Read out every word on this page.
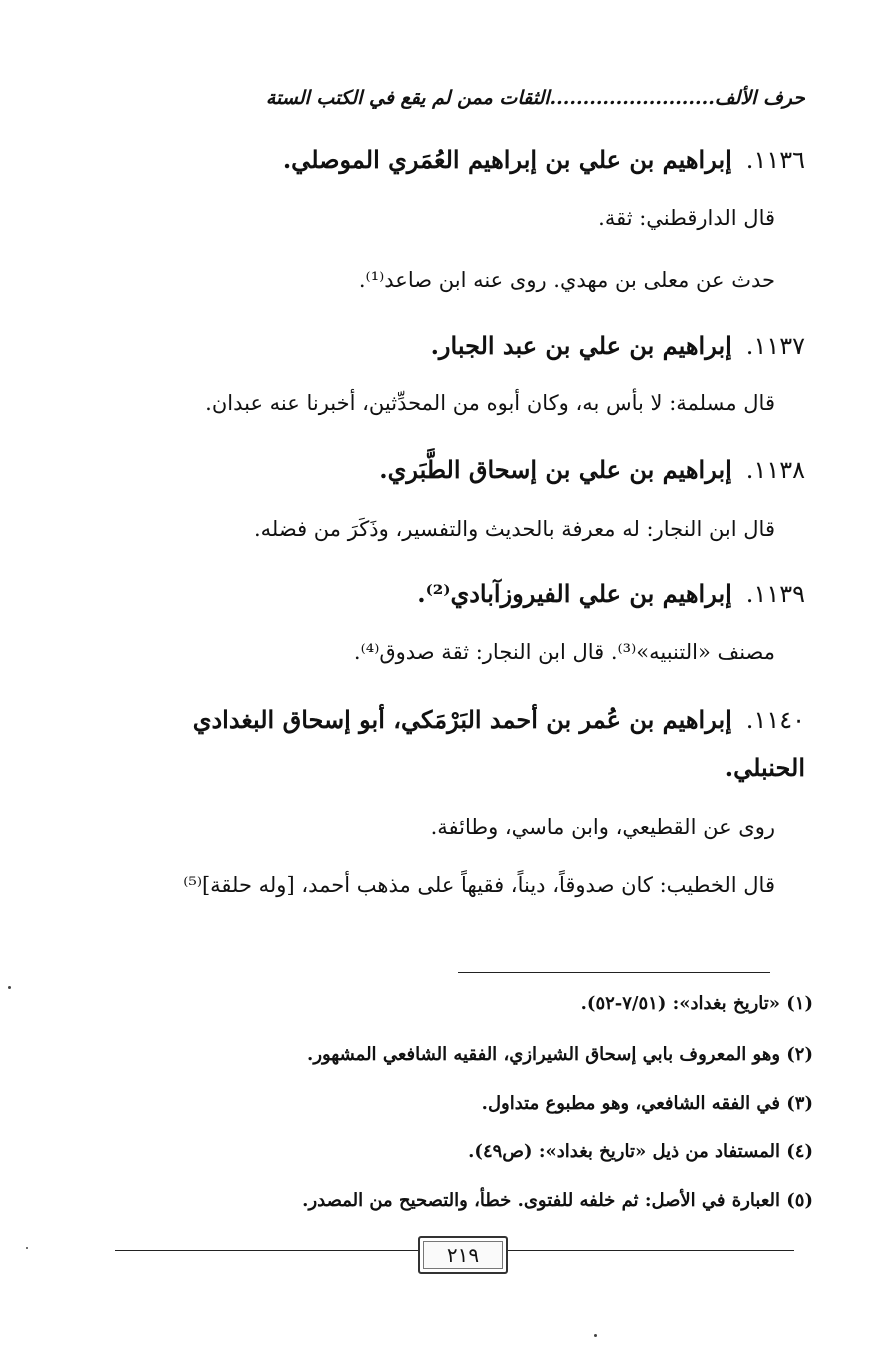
حرف الألف.........................الثقات ممن لم يقع في الكتب الستة
١١٣٦.إبراهيم بن علي بن إبراهيم العُمَري الموصلي.
قال الدارقطني: ثقة.
حدث عن معلى بن مهدي. روى عنه ابن صاعد⁽¹⁾.
١١٣٧.إبراهيم بن علي بن عبد الجبار.
قال مسلمة: لا بأس به، وكان أبوه من المحدِّثين، أخبرنا عنه عبدان.
١١٣٨.إبراهيم بن علي بن إسحاق الطَّبَري.
قال ابن النجار: له معرفة بالحديث والتفسير، وذَكَرَ من فضله.
١١٣٩.إبراهيم بن علي الفيروزآبادي⁽²⁾.
مصنف «التنبيه»⁽³⁾. قال ابن النجار: ثقة صدوق⁽⁴⁾.
١١٤٠.إبراهيم بن عُمر بن أحمد البَرْمَكي، أبو إسحاق البغدادي الحنبلي.
روى عن القطيعي، وابن ماسي، وطائفة.
قال الخطيب: كان صدوقاً، ديناً، فقيهاً على مذهب أحمد، [وله حلقة]⁽⁵⁾
(١) «تاريخ بغداد»: (٧/٥١-٥٢).
(٢) وهو المعروف بابي إسحاق الشيرازي، الفقيه الشافعي المشهور.
(٣) في الفقه الشافعي، وهو مطبوع متداول.
(٤) المستفاد من ذيل «تاريخ بغداد»: (ص٤٩).
(٥) العبارة في الأصل: ثم خلفه للفتوى. خطأ، والتصحيح من المصدر.
٢١٩
